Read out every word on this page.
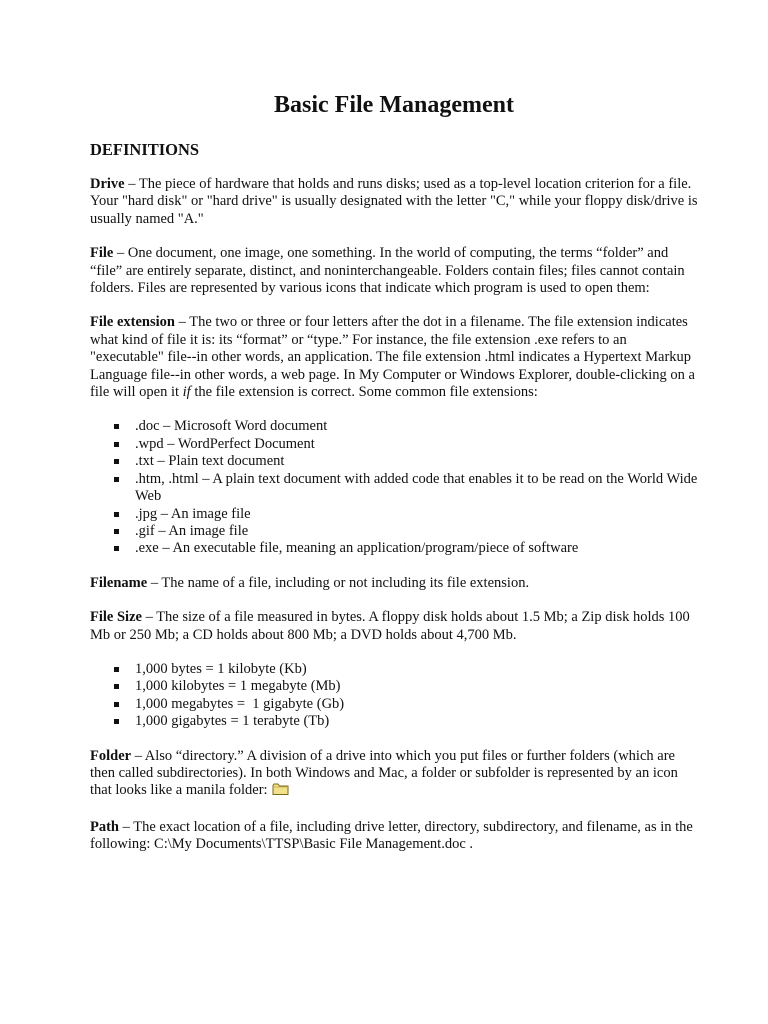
Basic File Management
DEFINITIONS

Drive – The piece of hardware that holds and runs disks; used as a top-level location criterion for a file. Your "hard disk" or "hard drive" is usually designated with the letter "C," while your floppy disk/drive is usually named "A."

File – One document, one image, one something. In the world of computing, the terms “folder” and “file” are entirely separate, distinct, and noninterchangeable. Folders contain files; files cannot contain folders. Files are represented by various icons that indicate which program is used to open them:

File extension – The two or three or four letters after the dot in a filename. The file extension indicates what kind of file it is: its “format” or “type.” For instance, the file extension .exe refers to an "executable" file--in other words, an application. The file extension .html indicates a Hypertext Markup Language file--in other words, a web page. In My Computer or Windows Explorer, double-clicking on a file will open it if the file extension is correct. Some common file extensions:

.doc – Microsoft Word document
.wpd – WordPerfect Document
.txt – Plain text document
.htm, .html – A plain text document with added code that enables it to be read on the World Wide Web
.jpg – An image file
.gif – An image file
.exe – An executable file, meaning an application/program/piece of software

Filename – The name of a file, including or not including its file extension.

File Size – The size of a file measured in bytes. A floppy disk holds about 1.5 Mb; a Zip disk holds 100 Mb or 250 Mb; a CD holds about 800 Mb; a DVD holds about 4,700 Mb.

1,000 bytes = 1 kilobyte (Kb)
1,000 kilobytes = 1 megabyte (Mb)
1,000 megabytes =  1 gigabyte (Gb)
1,000 gigabytes = 1 terabyte (Tb)

Folder – Also “directory.” A division of a drive into which you put files or further folders (which are then called subdirectories). In both Windows and Mac, a folder or subfolder is represented by an icon that looks like a manila folder:

Path – The exact location of a file, including drive letter, directory, subdirectory, and filename, as in the following: C:\My Documents\TTSP\Basic File Management.doc .
